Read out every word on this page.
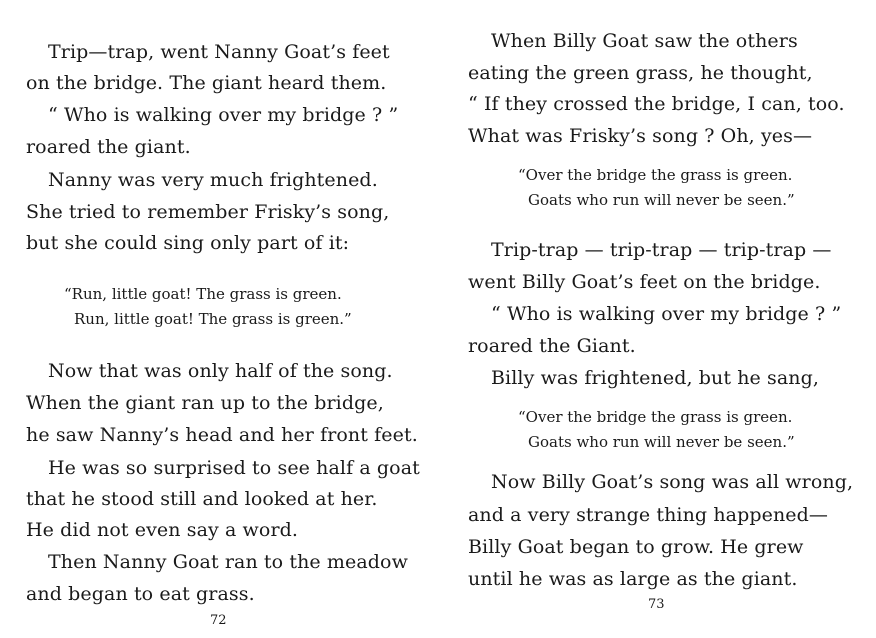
Trip—trap, went Nanny Goat’s feet
on the bridge. The giant heard them.
“ Who is walking over my bridge ? ”
roared the giant.
Nanny was very much frightened.
She tried to remember Frisky’s song,
but she could sing only part of it:
“Run, little goat! The grass is green.
Run, little goat! The grass is green.”
Now that was only half of the song.
When the giant ran up to the bridge,
he saw Nanny’s head and her front feet.
He was so surprised to see half a goat
that he stood still and looked at her.
He did not even say a word.
Then Nanny Goat ran to the meadow
and began to eat grass.
72
When Billy Goat saw the others
eating the green grass, he thought,
“ If they crossed the bridge, I can, too.
What was Frisky’s song ? Oh, yes—
“Over the bridge the grass is green.
Goats who run will never be seen.”
Trip-trap — trip-trap — trip-trap —
went Billy Goat’s feet on the bridge.
“ Who is walking over my bridge ? ”
roared the Giant.
Billy was frightened, but he sang,
“Over the bridge the grass is green.
Goats who run will never be seen.”
Now Billy Goat’s song was all wrong,
and a very strange thing happened—
Billy Goat began to grow. He grew
until he was as large as the giant.
73
